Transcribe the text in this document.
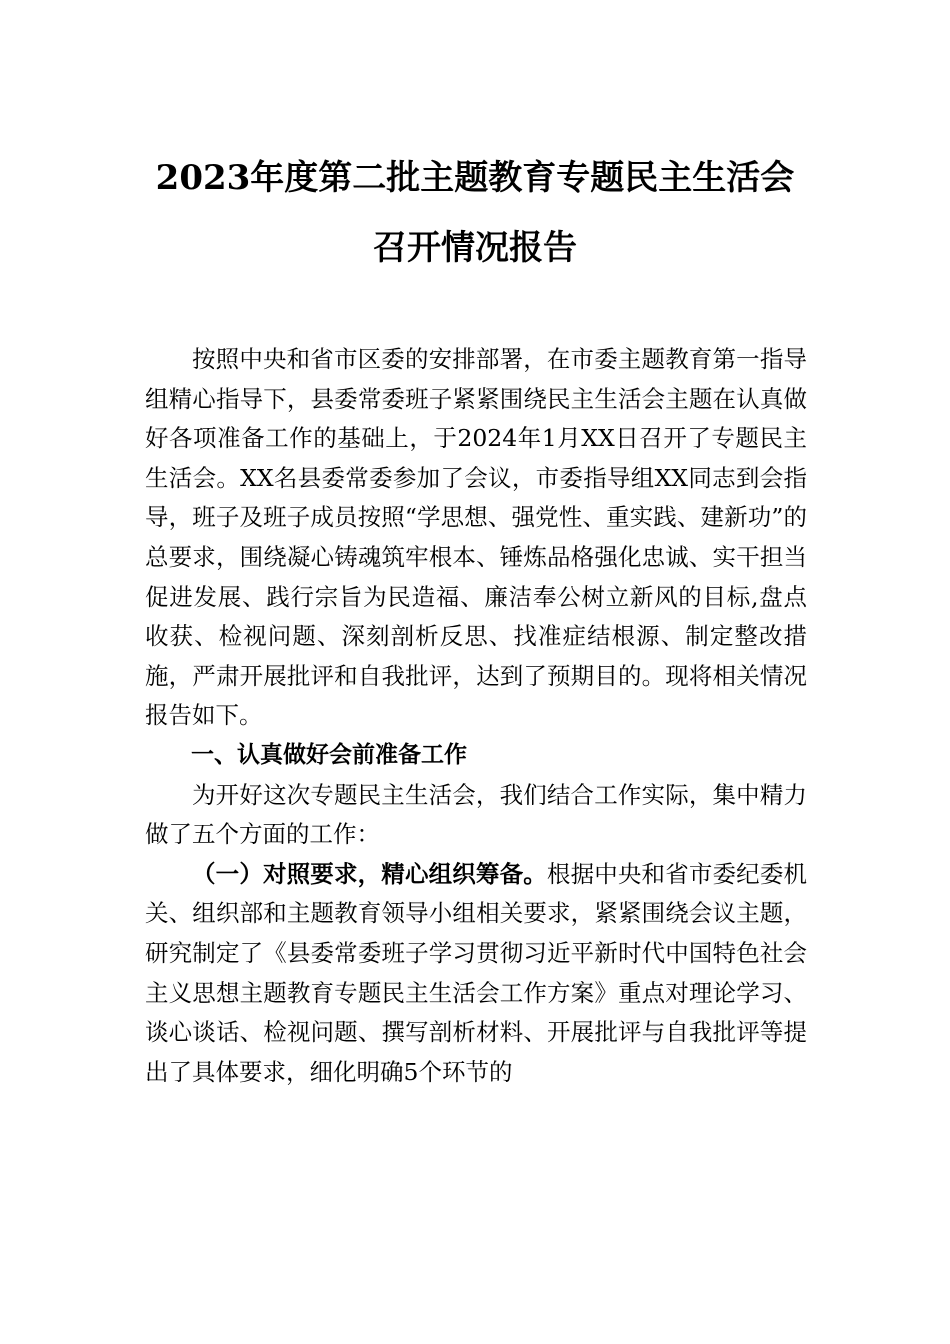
2023年度第二批主题教育专题民主生活会
召开情况报告

按照中央和省市区委的安排部署，在市委主题教育第一指导组精心指导下，县委常委班子紧紧围绕民主生活会主题在认真做好各项准备工作的基础上，于2024年1月XX日召开了专题民主生活会。XX名县委常委参加了会议，市委指导组XX同志到会指导，班子及班子成员按照“学思想、强党性、重实践、建新功”的总要求，围绕凝心铸魂筑牢根本、锤炼品格强化忠诚、实干担当促进发展、践行宗旨为民造福、廉洁奉公树立新风的目标,盘点收获、检视问题、深刻剖析反思、找准症结根源、制定整改措施，严肃开展批评和自我批评，达到了预期目的。现将相关情况报告如下。

一、认真做好会前准备工作

为开好这次专题民主生活会，我们结合工作实际，集中精力做了五个方面的工作：

（一）对照要求，精心组织筹备。根据中央和省市委纪委机关、组织部和主题教育领导小组相关要求，紧紧围绕会议主题，研究制定了《县委常委班子学习贯彻习近平新时代中国特色社会主义思想主题教育专题民主生活会工作方案》重点对理论学习、谈心谈话、检视问题、撰写剖析材料、开展批评与自我批评等提出了具体要求，细化明确5个环节的
